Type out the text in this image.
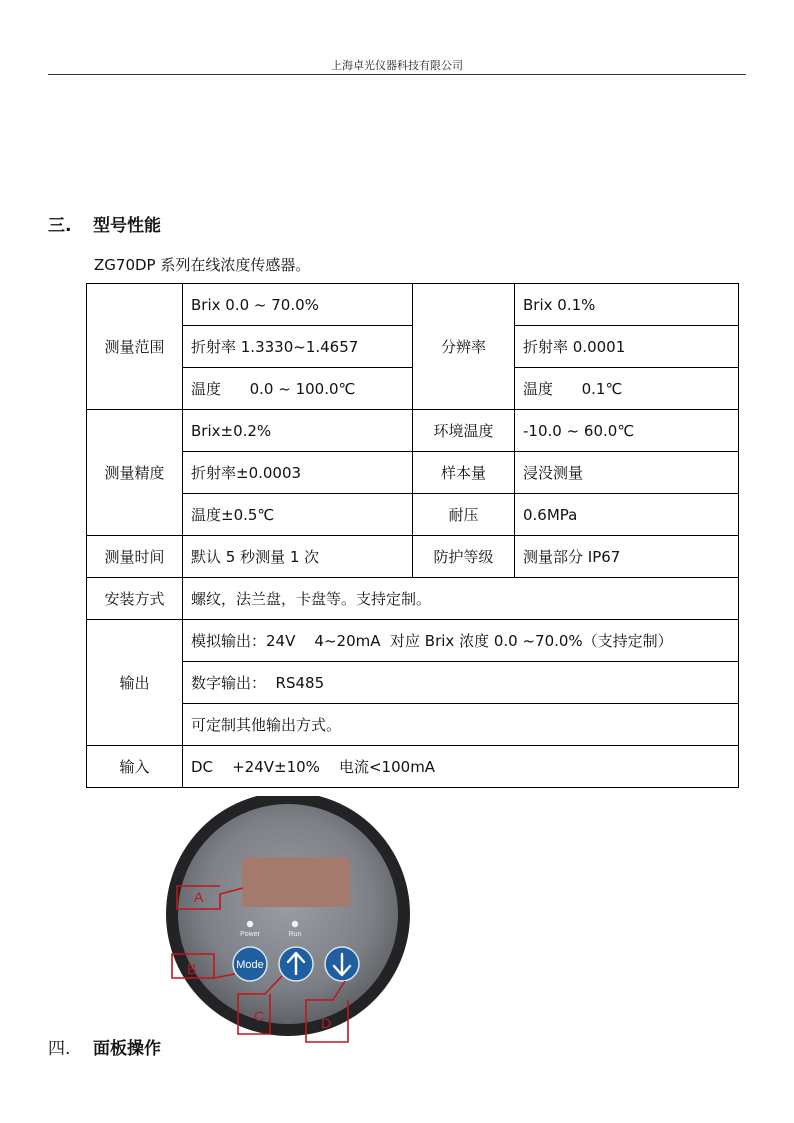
上海卓光仪器科技有限公司
三. 型号性能
ZG70DP 系列在线浓度传感器。
测量范围	Brix 0.0 ~ 70.0%	分辨率	Brix 0.1%
	折射率 1.3330~1.4657		折射率 0.0001
	温度      0.0 ~ 100.0℃		温度      0.1℃
测量精度	Brix±0.2%	环境温度	-10.0 ~ 60.0℃
	折射率±0.0003	样本量	浸没测量
	温度±0.5℃	耐压	0.6MPa
测量时间	默认 5 秒测量 1 次	防护等级	测量部分 IP67
安装方式	螺纹，法兰盘，卡盘等。支持定制。		
输出	模拟输出：24V    4~20mA  对应 Brix 浓度 0.0 ~70.0%（支持定制）		
	数字输出：  RS485		
	可定制其他输出方式。		
输入	DC    +24V±10%    电流<100mA		
Power	Run
Mode
A
B
C	D
四. 面板操作
